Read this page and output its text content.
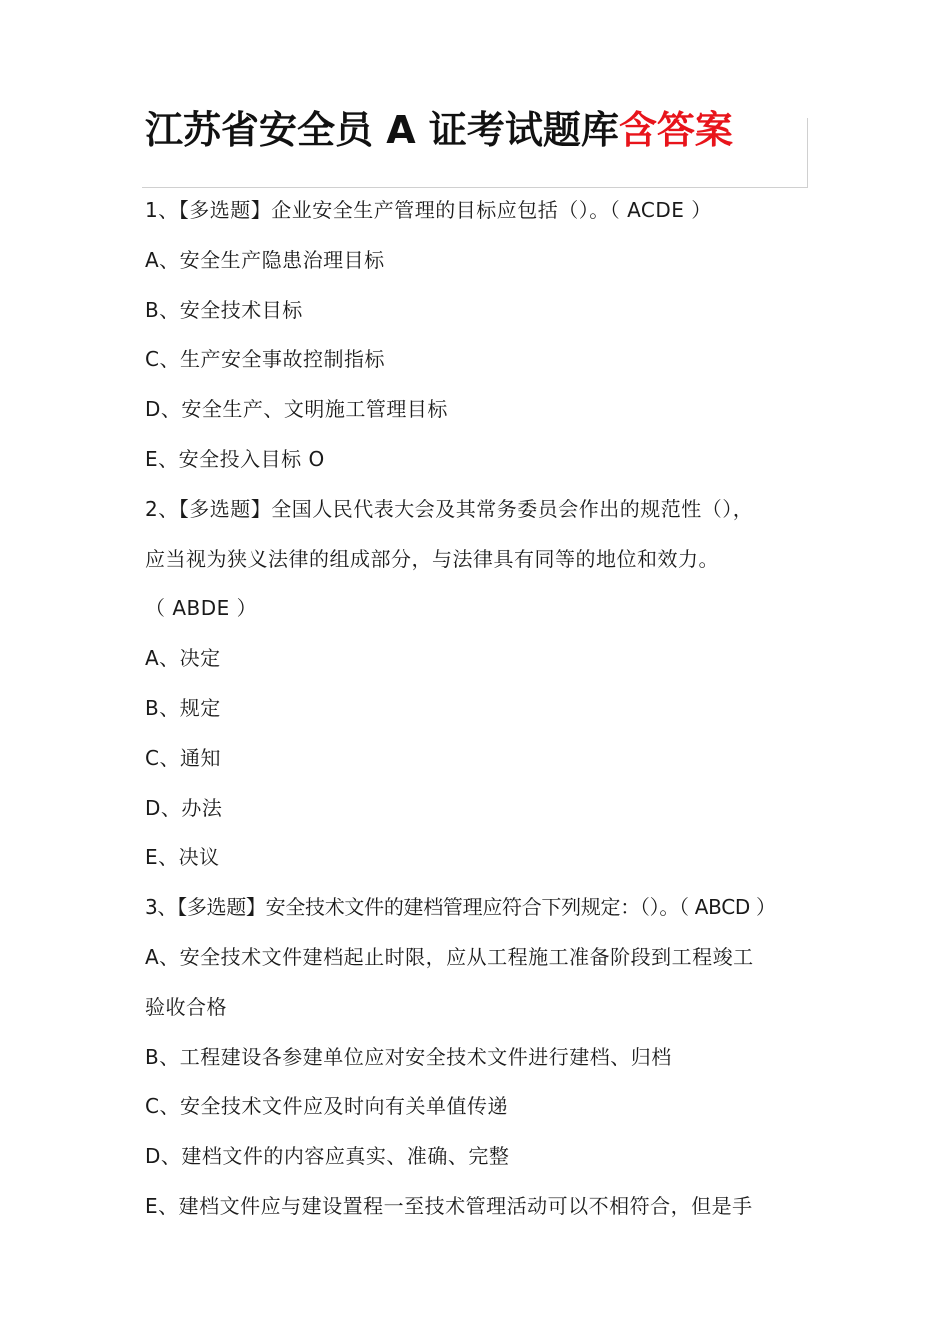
江苏省安全员 A 证考试题库含答案
1、【多选题】企业安全生产管理的目标应包括（）。（ ACDE ）
A、安全生产隐患治理目标
B、安全技术目标
C、生产安全事故控制指标
D、安全生产、文明施工管理目标
E、安全投入目标 O
2、【多选题】全国人民代表大会及其常务委员会作出的规范性（），
应当视为狭义法律的组成部分，与法律具有同等的地位和效力。
（ ABDE ）
A、决定
B、规定
C、通知
D、办法
E、决议
3、【多选题】安全技术文件的建档管理应符合下列规定：（）。（ ABCD ）
A、安全技术文件建档起止时限，应从工程施工准备阶段到工程竣工
验收合格
B、工程建设各参建单位应对安全技术文件进行建档、归档
C、安全技术文件应及时向有关单值传递
D、建档文件的内容应真实、准确、完整
E、建档文件应与建设置程一至技术管理活动可以不相符合，但是手
